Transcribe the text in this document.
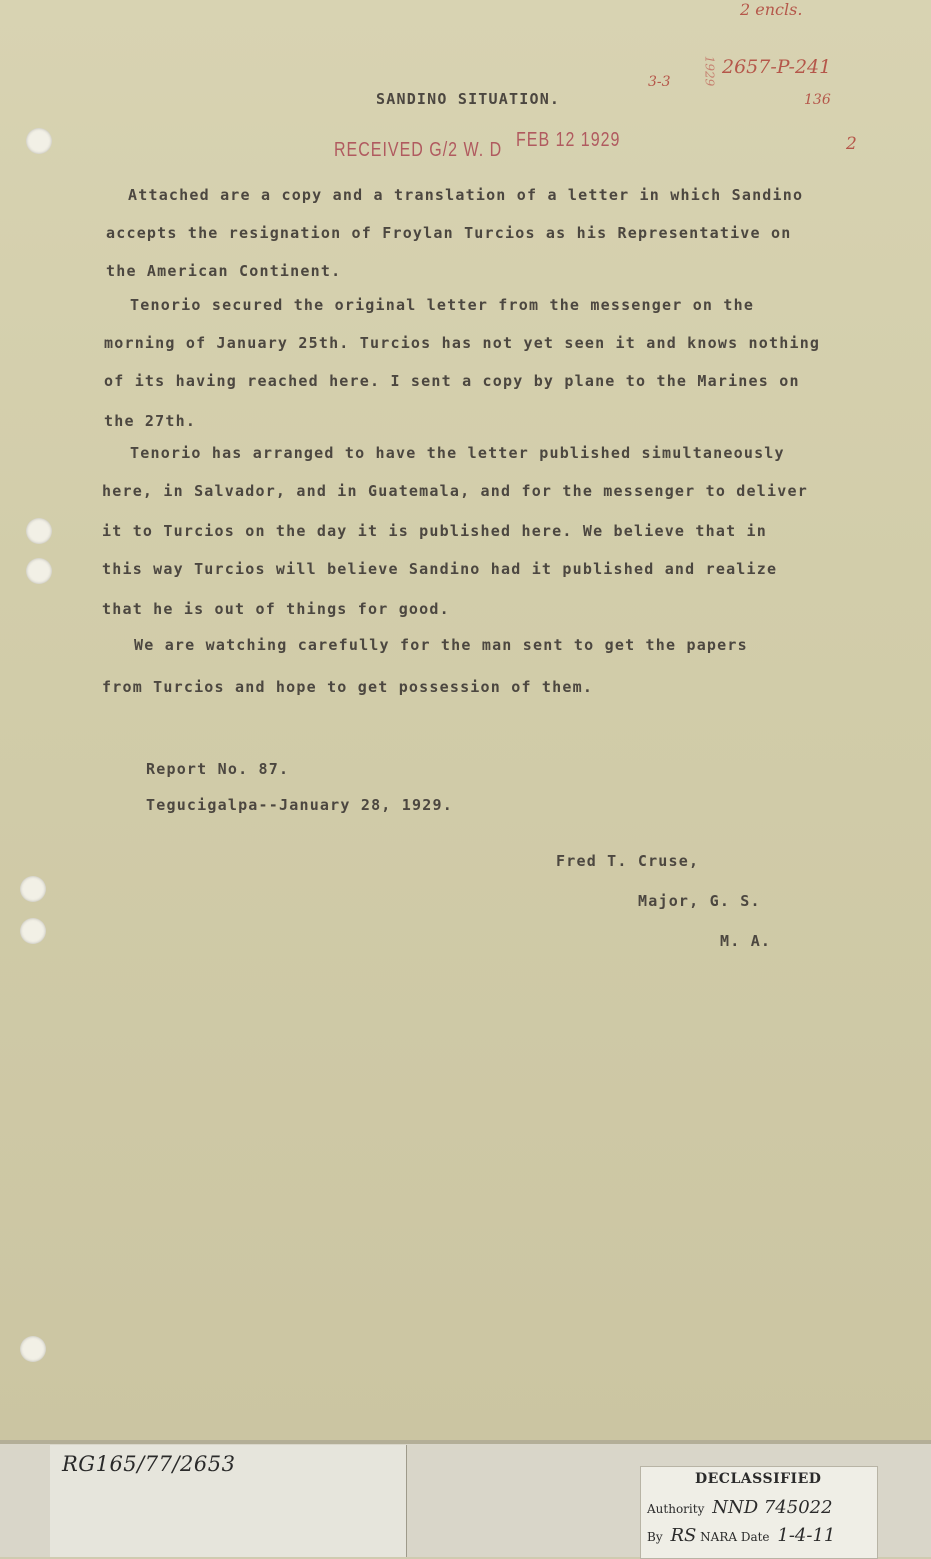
2 encls.

3-3	1929 2657-P-241

136

2

SANDINO SITUATION.

RECEIVED G/2 W. D FEB 12 1929

Attached are a copy and a translation of a letter in which Sandino

accepts the resignation of Froylan Turcios as his Representative on

the American Continent.

Tenorio secured the original letter from the messenger on the

morning of January 25th. Turcios has not yet seen it and knows nothing

of its having reached here. I sent a copy by plane to the Marines on

the 27th.

Tenorio has arranged to have the letter published simultaneously

here, in Salvador, and in Guatemala, and for the messenger to deliver

it to Turcios on the day it is published here. We believe that in

this way Turcios will believe Sandino had it published and realize

that he is out of things for good.

We are watching carefully for the man sent to get the papers

from Turcios and hope to get possession of them.

Report No. 87.

Tegucigalpa--January 28, 1929.

Fred T. Cruse,

Major, G. S.

M. A.

RG165/77/2653

DECLASSIFIED

Authority NND 745022

By RS NARA Date 1-4-11
